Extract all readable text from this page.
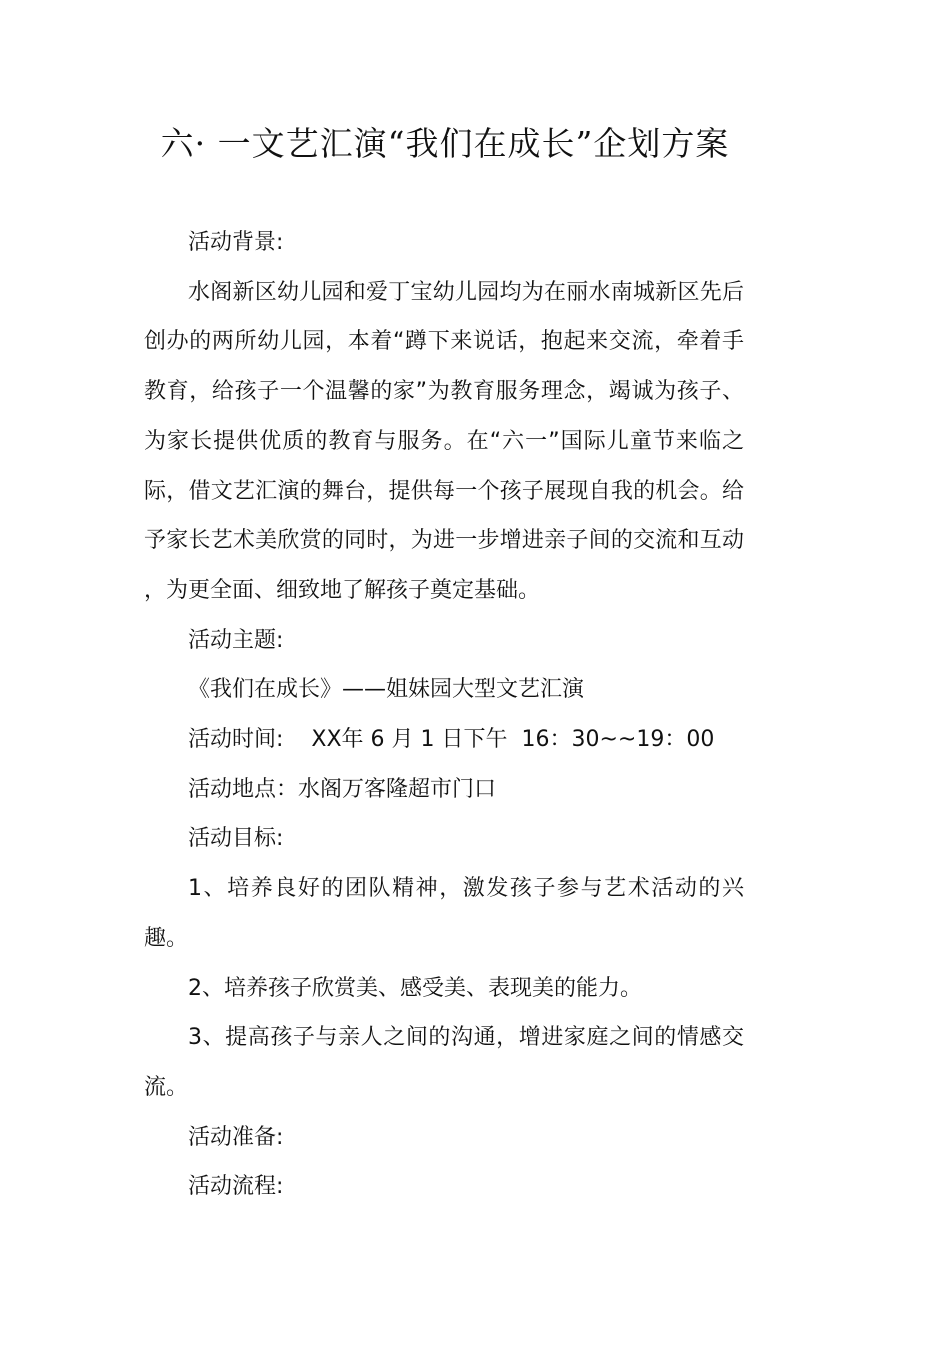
六· 一文艺汇演“我们在成长”企划方案

活动背景:

水阁新区幼儿园和爱丁宝幼儿园均为在丽水南城新区先后创办的两所幼儿园，本着“蹲下来说话，抱起来交流，牵着手教育，给孩子一个温馨的家”为教育服务理念，竭诚为孩子、为家长提供优质的教育与服务。在“六一”国际儿童节来临之际，借文艺汇演的舞台，提供每一个孩子展现自我的机会。给予家长艺术美欣赏的同时，为进一步增进亲子间的交流和互动 ，为更全面、细致地了解孩子奠定基础。

活动主题:

《我们在成长》——姐妹园大型文艺汇演

活动时间:    XX年 6 月 1 日下午  16：30~~19：00

活动地点：水阁万客隆超市门口

活动目标:

1、培养良好的团队精神，激发孩子参与艺术活动的兴趣。

2、培养孩子欣赏美、感受美、表现美的能力。

3、提高孩子与亲人之间的沟通，增进家庭之间的情感交流。

活动准备:

活动流程:
